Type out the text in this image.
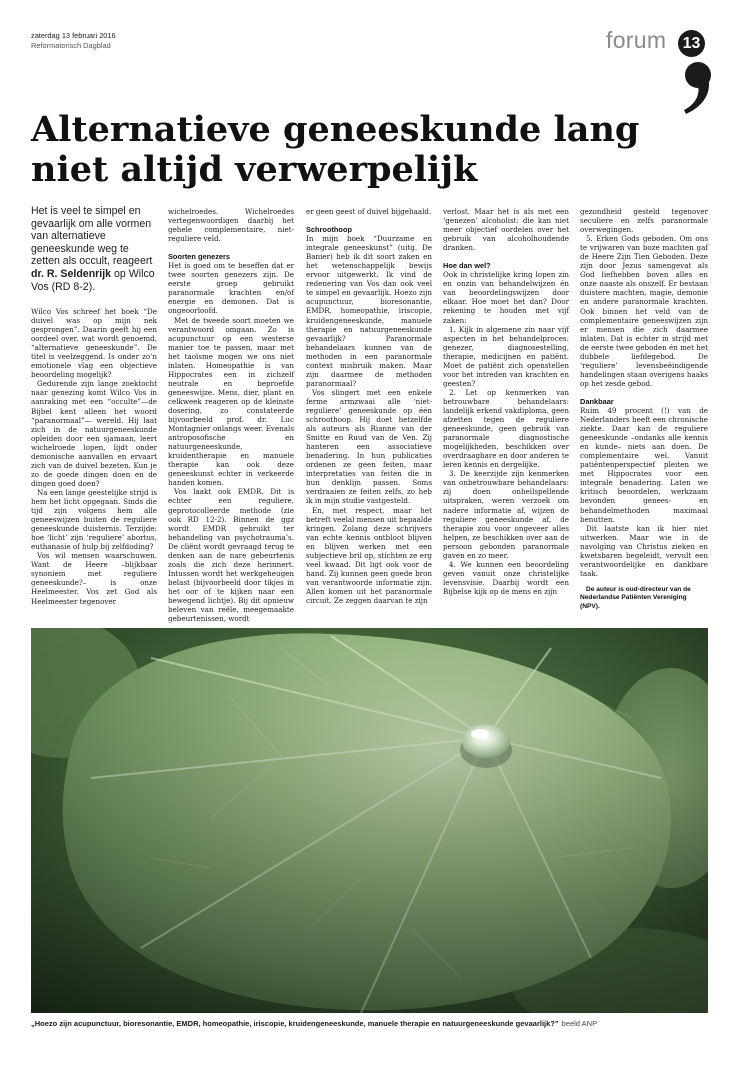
zaterdag 13 februari 2016
Reformatorisch Dagblad	forum	13
Alternatieve geneeskunde lang niet altijd verwerpelijk
Het is veel te simpel en gevaarlijk om alle vormen van alternatieve geneeskunde weg te zetten als occult, reageert dr. R. Seldenrijk op Wilco Vos (RD 8-2).

Wilco Vos schreef het boek “De duivel was op mijn nek gesprongen”. Daarin geeft hij een oordeel over, wat wordt genoemd, “alternatieve geneeskunde”. De titel is veelzeggend. Is onder zo’n emotionele vlag een objectieve beoordeling mogelijk?

Gedurende zijn lange zoektocht naar genezing komt Wilco Vos in aanraking met een “occulte”—de Bijbel kent alleen het woord “paranormaal”— wereld. Hij laat zich in de natuurgeneeskunde opleiden door een sjamaan, leert wichelroede lopen, lijdt onder demonische aanvallen en ervaart zich van de duivel bezeten. Kun je zo de goede dingen doen en de dingen goed doen?

Na een lange geestelijke strijd is hem het licht opgegaan. Sinds die tijd zijn volgens hem alle geneeswijzen buiten de reguliere geneeskunde duisternis. Terzijde: hoe ‘licht’ zijn ‘reguliere’ abortus, euthanasie of hulp bij zelfdoding?

Vos wil mensen waarschuwen. Want de Heere –blijkbaar synoniem met reguliere geneeskunde?– is onze Heelmeester. Vos zet God als Heelmeester tegenover

wichelroedes. Wichelroedes vertegenwoordigen daarbij het gehele complementaire, niet-reguliere veld.

Soorten genezers

Het is goed om te beseffen dat er twee soorten genezers zijn. De eerste groep gebruikt paranormale krachten en/of energie en demonen. Dat is ongeoorloofd.

Met de tweede soort moeten we verantwoord omgaan. Zo is acupunctuur op een westerse manier toe te passen, maar met het taoïsme mogen we ons niet inlaten. Homeopathie is van Hippocrates een in zichzelf neutrale en beproefde geneeswijze. Mens, dier, plant en celkweek reageren op de kleinste dosering, zo constateerde bijvoorbeeld prof. dr. Luc Montagnier onlangs weer. Evenals antroposofische en natuurgeneeskunde, kruidentherapie en manuele therapie kan ook deze geneeskunst echter in verkeerde handen komen.

Vos laakt ook EMDR. Dit is echter een reguliere, geprotocolleerde methode (zie ook RD 12-2). Binnen de ggz wordt EMDR gebruikt ter behandeling van psychotrauma’s. De cliënt wordt gevraagd terug te denken aan de nare gebeurtenis zoals die zich deze herinnert. Intussen wordt het werkgeheugen belast (bijvoorbeeld door tikjes in het oor of te kijken naar een bewegend lichtje). Bij dit opnieuw beleven van reële, meegemaakte gebeurtenissen, wordt

er geen geest of duivel bijgehaald.

Schroothoop

In mijn boek “Duurzame en integrale geneeskunst” (uitg. De Banier) heb ik dit soort zaken en het wetenschappelijk bewijs ervoor uitgewerkt. Ik vind de redenering van Vos dan ook veel te simpel en gevaarlijk. Hoezo zijn acupunctuur, bioresonantie, EMDR, homeopathie, iriscopie, kruidengeneeskunde, manuele therapie en natuurgeneeskunde gevaarlijk? Paranormale behandelaars kunnen van de methoden in een paranormale context misbruik maken. Maar zijn daarmee de methoden paranormaal?

Vos slingert met een enkele ferme armzwaai alle ‘niet-reguliere’ geneeskunde op één schroothoop. Hij doet hetzelfde als auteurs als Rianne van der Smitte en Ruud van de Ven. Zij hanteren een associatieve benadering. In hun publicaties ordenen ze geen feiten, maar interpretaties van feiten die in hun denklijn passen. Soms verdraaien ze feiten zelfs, zo heb ik in mijn studie vastgesteld.

En, met respect, maar het betreft veelal mensen uit bepaalde kringen. Zolang deze schrijvers van echte kennis ontbloot blijven en blijven werken met een subjectieve bril op, stichten ze erg veel kwaad. Dit ligt ook voor de hand. Zij kunnen geen goede bron van verantwoorde informatie zijn. Allen komen uit het paranormale circuit. Ze zeggen daarvan te zijn

verlost. Maar het is als met een ‘genezen’ alcoholist: die kan niet meer objectief oordelen over het gebruik van alcoholhoudende dranken.

Hoe dan wel?

Ook in christelijke kring lopen zin en onzin van behandelwijzen én van beoordelingswijzen door elkaar. Hoe moet het dan? Door rekening te houden met vijf zaken:

1. Kijk in algemene zin naar vijf aspecten in het behandelproces: genezer, diagnosestelling, therapie, medicijnen en patiënt. Moet de patiënt zich openstellen voor het intreden van krachten en geesten?

2. Let op kenmerken van betrouwbare behandelaars: landelijk erkend vakdiploma, geen afzetten tegen de reguliere geneeskunde, geen gebruik van paranormale diagnostische mogelijkheden, beschikken over overdraagbare en door anderen te leren kennis en dergelijke.

3. De keerzijde zijn kenmerken van onbetrouwbare behandelaars: zij doen onheilspellende uitspraken, weren verzoek om nadere informatie af, wijzen de reguliere geneeskunde af, de therapie zou voor ongeveer alles helpen, ze beschikken over aan de persoon gebonden paranormale gaven en zo meer.

4. We kunnen een beoordeling geven vanuit onze christelijke levensvisie. Daarbij wordt een Bijbelse kijk op de mens en zijn

gezondheid gesteld tegenover seculiere en zelfs paranormale overwegingen.

5. Erken Gods geboden. Om ons te vrijwaren van boze machten gaf de Heere Zijn Tien Geboden. Deze zijn door Jezus samengevat als God liefhebben boven alles en onze naaste als onszelf. Er bestaan duistere machten, magie, demonie en andere paranormale krachten. Ook binnen het veld van de complementaire geneeswijzen zijn er mensen die zich daarmee inlaten. Dat is echter in strijd met de eerste twee geboden én met het dubbele liefdegebod. De ‘reguliere’ levensbeëindigende handelingen staan overigens haaks op het zesde gebod.

Dankbaar

Ruim 49 procent (!) van de Nederlanders heeft een chronische ziekte. Daar kan de reguliere geneeskunde –ondanks alle kennis en kunde– niets aan doen. De complementaire wel. Vanuit patiëntenperspectief pleiten we met Hippocrates voor een integrale benadering. Laten we kritisch beoordelen, werkzaam bevonden genees- en behandelmethoden maximaal benutten.

Dit laatste kan ik hier niet uitwerken. Maar wie in de navolging van Christus zieken en kwetsbaren begeleidt, vervult een verantwoordelijke en dankbare taak.

De auteur is oud-directeur van de Nederlandse Patiënten Vereniging (NPV).

„Hoezo zijn acupunctuur, bioresonantie, EMDR, homeopathie, iriscopie, kruidengeneeskunde, manuele therapie en natuurgeneeskunde gevaarlijk?” beeld ANP
